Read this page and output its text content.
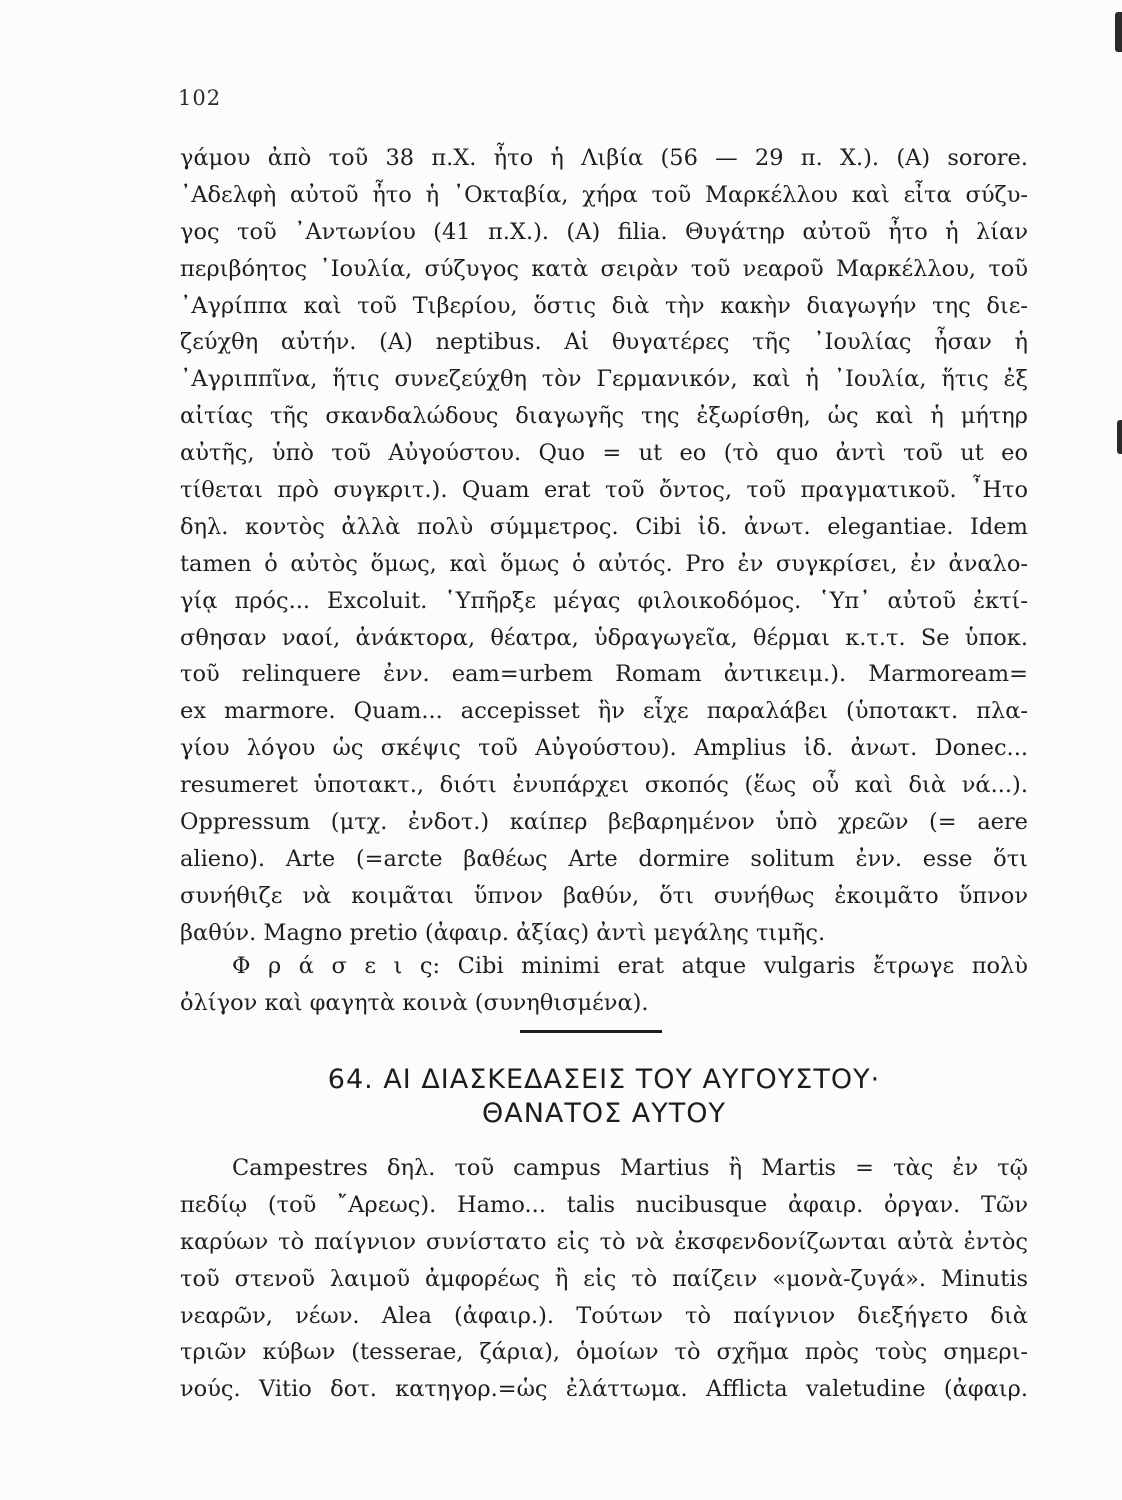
102
γάμου ἀπὸ τοῦ 38 π.Χ. ἦτο ἡ Λιβία (56 — 29 π. Χ.). (A) sorore.
᾿Αδελφὴ αὐτοῦ ἦτο ἡ ᾿Οκταβία, χήρα τοῦ Μαρκέλλου καὶ εἶτα σύζυ-
γος τοῦ ᾿Αντωνίου (41 π.Χ.). (A) filia. Θυγάτηρ αὐτοῦ ἦτο ἡ λίαν
περιβόητος ᾿Ιουλία, σύζυγος κατὰ σειρὰν τοῦ νεαροῦ Μαρκέλλου, τοῦ
᾿Αγρίππα καὶ τοῦ Τιβερίου, ὅστις διὰ τὴν κακὴν διαγωγήν της διε-
ζεύχθη αὐτήν. (A) neptibus. Αἱ θυγατέρες τῆς ᾿Ιουλίας ἦσαν ἡ
᾿Αγριππῖνα, ἥτις συνεζεύχθη τὸν Γερμανικόν, καὶ ἡ ᾿Ιουλία, ἥτις ἐξ
αἰτίας τῆς σκανδαλώδους διαγωγῆς της ἐξωρίσθη, ὡς καὶ ἡ μήτηρ
αὐτῆς, ὑπὸ τοῦ Αὐγούστου. Quo = ut eo (τὸ quo ἀντὶ τοῦ ut eo
τίθεται πρὸ συγκριτ.). Quam erat τοῦ ὄντος, τοῦ πραγματικοῦ. ῏Ητο
δηλ. κοντὸς ἀλλὰ πολὺ σύμμετρος. Cibi ἰδ. ἀνωτ. elegantiae. Idem
tamen ὁ αὐτὸς ὅμως, καὶ ὅμως ὁ αὐτός. Pro ἐν συγκρίσει, ἐν ἀναλο-
γίᾳ πρός... Excoluit. ῾Υπῆρξε μέγας φιλοικοδόμος. ῾Υπ᾿ αὐτοῦ ἐκτί-
σθησαν ναοί, ἀνάκτορα, θέατρα, ὑδραγωγεῖα, θέρμαι κ.τ.τ. Se ὑποκ.
τοῦ relinquere ἐνν. eam=urbem Romam ἀντικειμ.). Marmoream=
ex marmore. Quam... accepisset ἣν εἶχε παραλάβει (ὑποτακτ. πλα-
γίου λόγου ὡς σκέψις τοῦ Αὐγούστου). Amplius ἰδ. ἀνωτ. Donec...
resumeret ὑποτακτ., διότι ἐνυπάρχει σκοπός (ἕως οὗ καὶ διὰ νά...).
Oppressum (μτχ. ἐνδοτ.) καίπερ βεβαρημένον ὑπὸ χρεῶν (= aere
alieno). Arte (=arcte βαθέως Arte dormire solitum ἐνν. esse ὅτι
συνήθιζε νὰ κοιμᾶται ὕπνον βαθύν, ὅτι συνήθως ἐκοιμᾶτο ὕπνον
βαθύν. Magno pretio (ἀφαιρ. ἀξίας) ἀντὶ μεγάλης τιμῆς.
Φ ρ ά σ ε ι ς: Cibi minimi erat atque vulgaris ἔτρωγε πολὺ
ὀλίγον καὶ φαγητὰ κοινὰ (συνηθισμένα).
64. ΑΙ ΔΙΑΣΚΕΔΑΣΕΙΣ ΤΟΥ ΑΥΓΟΥΣΤΟΥ·
ΘΑΝΑΤΟΣ ΑΥΤΟΥ
Campestres δηλ. τοῦ campus Martius ἢ Martis = τὰς ἐν τῷ
πεδίῳ (τοῦ ῎Αρεως). Hamo... talis nucibusque ἀφαιρ. ὀργαν. Τῶν
καρύων τὸ παίγνιον συνίστατο εἰς τὸ νὰ ἐκσφενδονίζωνται αὐτὰ ἐντὸς
τοῦ στενοῦ λαιμοῦ ἀμφορέως ἢ εἰς τὸ παίζειν «μονὰ-ζυγά». Minutis
νεαρῶν, νέων. Alea (ἀφαιρ.). Τούτων τὸ παίγνιον διεξήγετο διὰ
τριῶν κύβων (tesserae, ζάρια), ὁμοίων τὸ σχῆμα πρὸς τοὺς σημερι-
νούς. Vitio δοτ. κατηγορ.=ὡς ἐλάττωμα. Afflicta valetudine (ἀφαιρ.
